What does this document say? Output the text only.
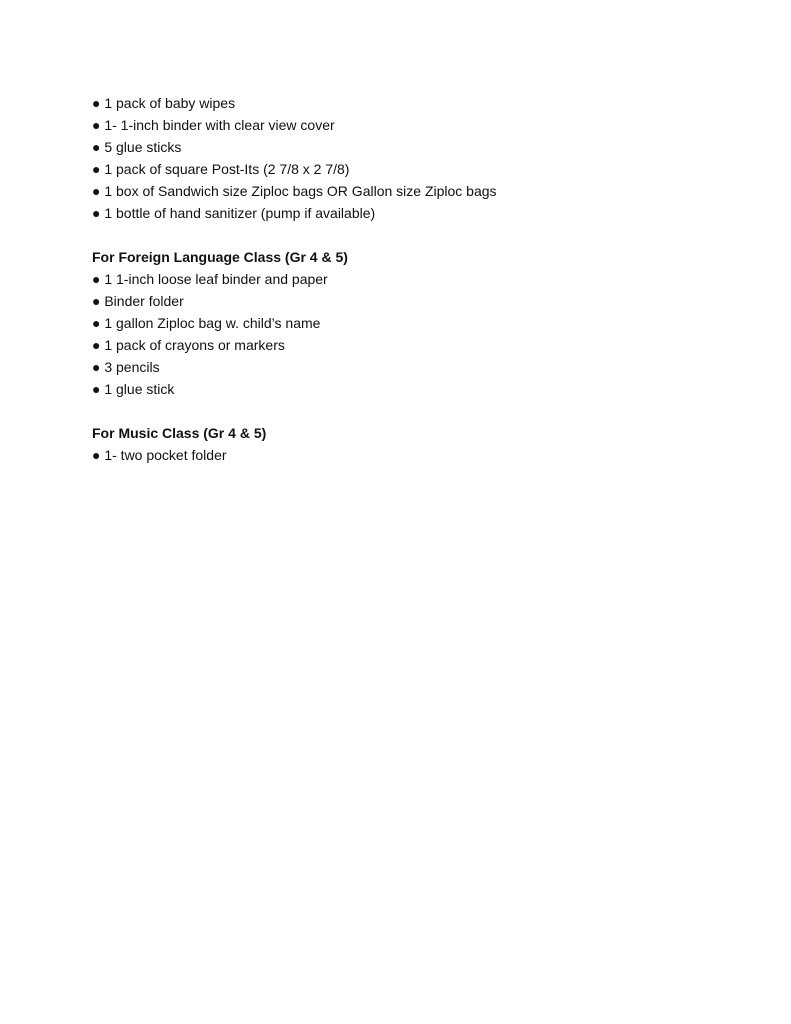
● 1 pack of baby wipes
● 1- 1-inch binder with clear view cover
● 5 glue sticks
● 1 pack of square Post-Its (2 7/8 x 2 7/8)
● 1 box of Sandwich size Ziploc bags OR Gallon size Ziploc bags
● 1 bottle of hand sanitizer (pump if available)
For Foreign Language Class (Gr 4 & 5)
● 1 1-inch loose leaf binder and paper
● Binder folder
● 1 gallon Ziploc bag w. child’s name
● 1 pack of crayons or markers
● 3 pencils
● 1 glue stick
For Music Class (Gr 4 & 5)
● 1- two pocket folder
